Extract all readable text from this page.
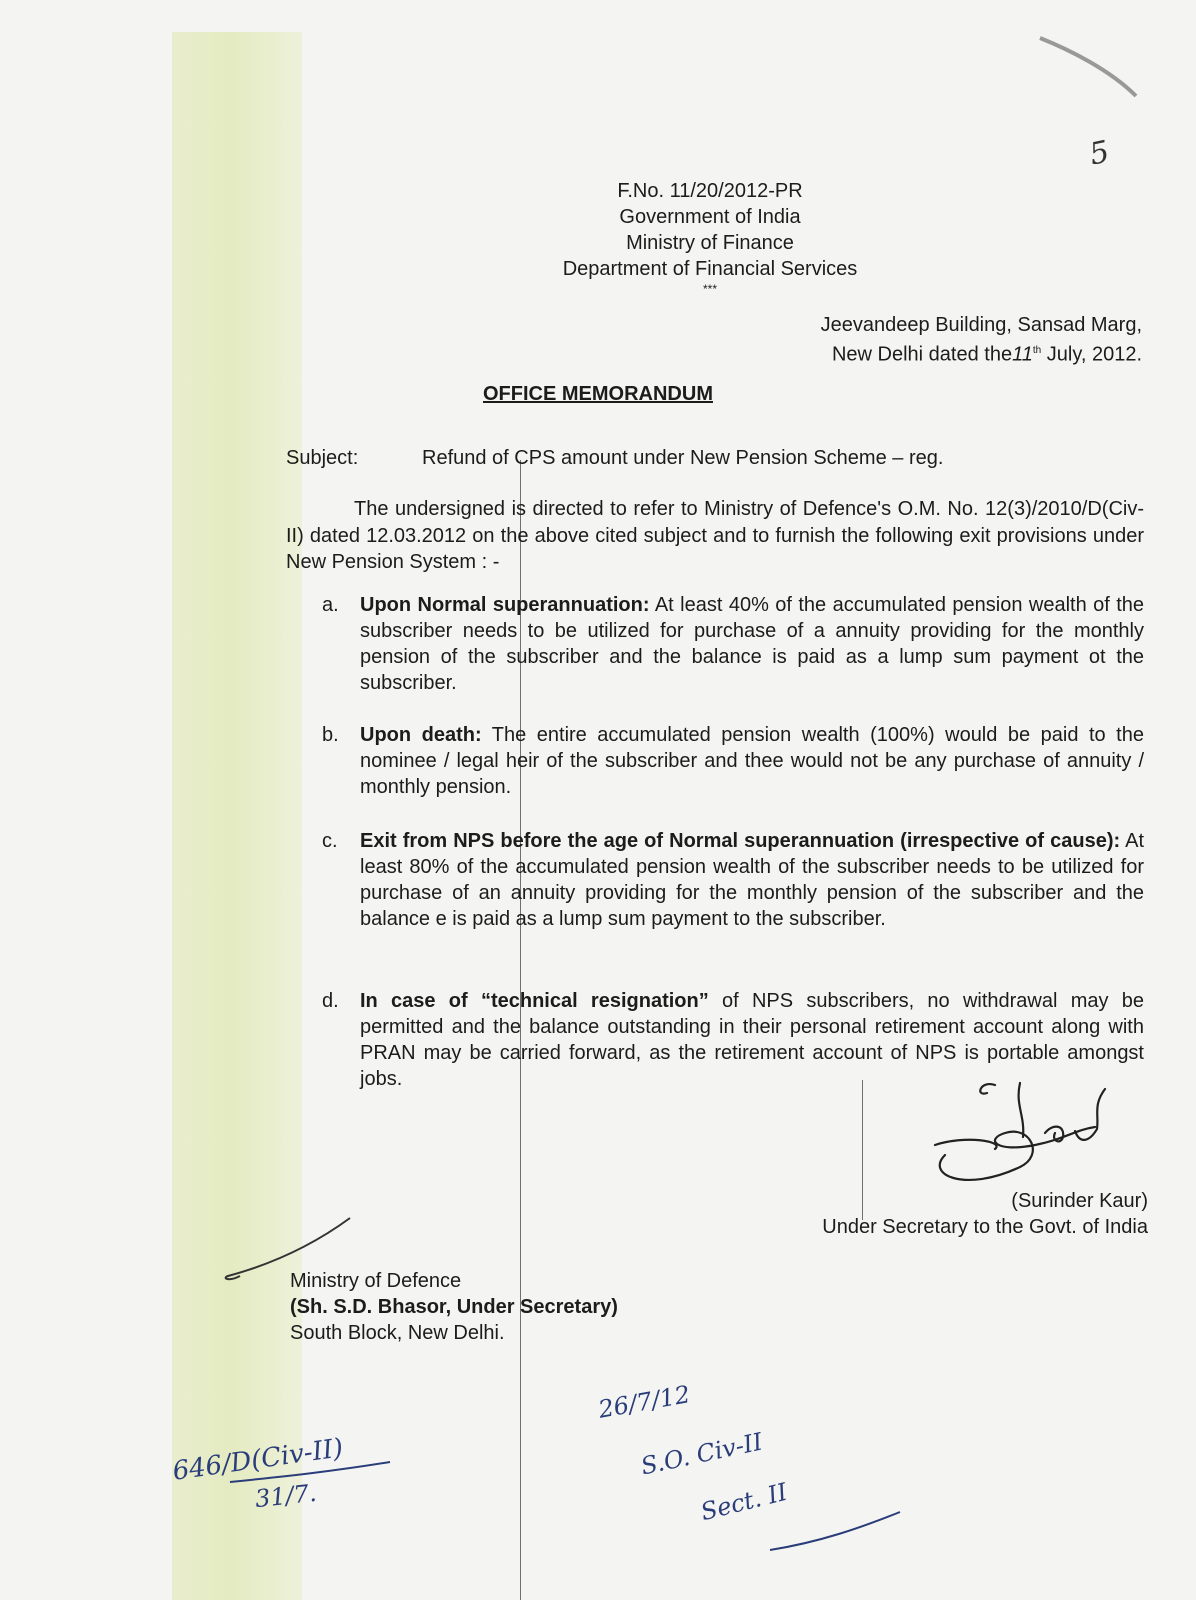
5
F.No. 11/20/2012-PR
Government of India
Ministry of Finance
Department of Financial Services
***
Jeevandeep Building, Sansad Marg,
New Delhi dated the11th July, 2012.
OFFICE MEMORANDUM
Subject:	Refund of CPS amount under New Pension Scheme – reg.
The undersigned is directed to refer to Ministry of Defence's O.M. No. 12(3)/2010/D(Civ-II) dated 12.03.2012 on the above cited subject and to furnish the following exit provisions under New Pension System : -
a. Upon Normal superannuation: At least 40% of the accumulated pension wealth of the subscriber needs to be utilized for purchase of a annuity providing for the monthly pension of the subscriber and the balance is paid as a lump sum payment ot the subscriber.
b. Upon death: The entire accumulated pension wealth (100%) would be paid to the nominee / legal heir of the subscriber and thee would not be any purchase of annuity / monthly pension.
c. Exit from NPS before the age of Normal superannuation (irrespective of cause): At least 80% of the accumulated pension wealth of the subscriber needs to be utilized for purchase of an annuity providing for the monthly pension of the subscriber and the balance e is paid as a lump sum payment to the subscriber.
d. In case of “technical resignation” of NPS subscribers, no withdrawal may be permitted and the balance outstanding in their personal retirement account along with PRAN may be carried forward, as the retirement account of NPS is portable amongst jobs.
(Surinder Kaur)
Under Secretary to the Govt. of India
Ministry of Defence
(Sh. S.D. Bhasor, Under Secretary)
South Block, New Delhi.
646/D(Civ-II)
31/7.
26/7/12
S.O. Civ-II
Sect. II
